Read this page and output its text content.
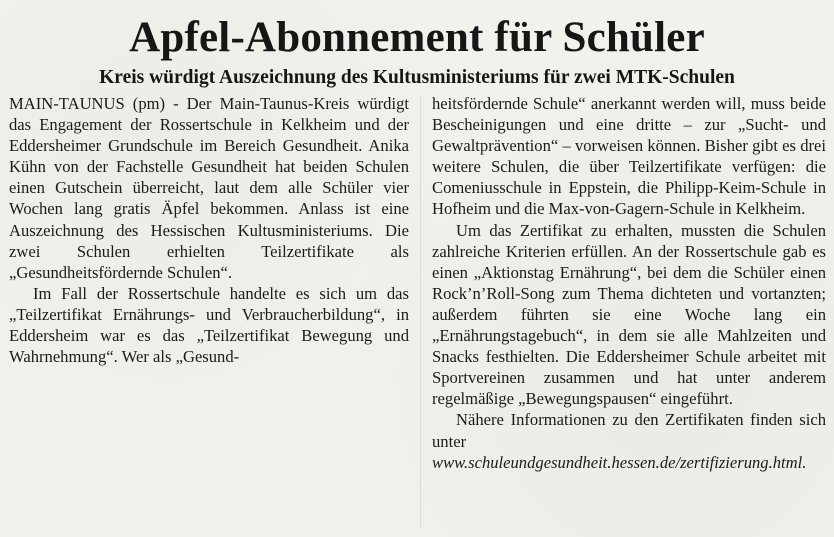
Apfel-Abonnement für Schüler
Kreis würdigt Auszeichnung des Kultusministeriums für zwei MTK-Schulen

MAIN-TAUNUS (pm) - Der Main-Taunus-Kreis würdigt das Engagement der Rossertschule in Kelkheim und der Eddersheimer Grundschule im Bereich Gesundheit. Anika Kühn von der Fachstelle Gesundheit hat beiden Schulen einen Gutschein überreicht, laut dem alle Schüler vier Wochen lang gratis Äpfel bekommen. Anlass ist eine Auszeichnung des Hessischen Kultusministeriums. Die zwei Schulen erhielten Teilzertifikate als „Gesundheitsfördernde Schulen“.

Im Fall der Rossertschule handelte es sich um das „Teilzertifikat Ernährungs- und Verbraucherbildung“, in Eddersheim war es das „Teilzertifikat Bewegung und Wahrnehmung“. Wer als „Gesund-

heitsfördernde Schule“ anerkannt werden will, muss beide Bescheinigungen und eine dritte – zur „Sucht- und Gewaltprävention“ – vorweisen können. Bisher gibt es drei weitere Schulen, die über Teilzertifikate verfügen: die Comeniusschule in Eppstein, die Philipp-Keim-Schule in Hofheim und die Max-von-Gagern-Schule in Kelkheim.

Um das Zertifikat zu erhalten, mussten die Schulen zahlreiche Kriterien erfüllen. An der Rossertschule gab es einen „Aktionstag Ernährung“, bei dem die Schüler einen Rock’n’Roll-Song zum Thema dichteten und vortanzten; außerdem führten sie eine Woche lang ein „Ernährungstagebuch“, in dem sie alle Mahlzeiten und Snacks festhielten. Die Eddersheimer Schule arbeitet mit Sportvereinen zusammen und hat unter anderem regelmäßige „Bewegungspausen“ eingeführt.

Nähere Informationen zu den Zertifikaten finden sich unter www.schuleundgesundheit.hessen.de/zertifizierung.html.
